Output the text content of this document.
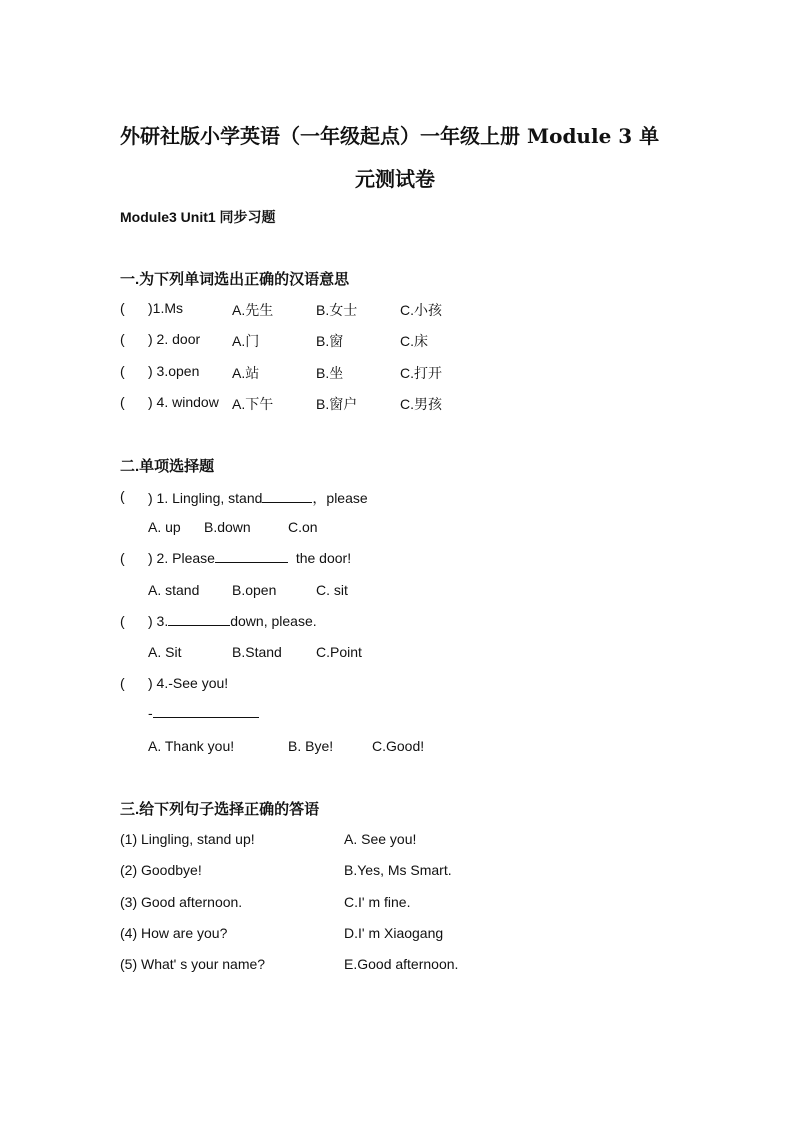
外研社版小学英语（一年级起点）一年级上册 Module 3 单
元测试卷
Module3 Unit1 同步习题
一.为下列单词选出正确的汉语意思
( )1.Ms	A.先生	B.女士	C.小孩
( ) 2. door A.门	B.窗	C.床
( ) 3.open A.站	B.坐	C.打开
( ) 4. window A.下午	B.窗户	C.男孩
二.单项选择题
( ) 1. Lingling, stand	，please
A. up B.down	C.on
( ) 2. Please	the door!
A. stand B.open	C. sit
( ) 3.	down, please.
A. Sit	B.Stand C.Point
( ) 4.-See you!
-
A. Thank you!	B. Bye!	C.Good!
三.给下列句子选择正确的答语
(1) Lingling, stand up!	A. See you!
(2) Goodbye!	B.Yes, Ms Smart.
(3) Good afternoon.	C.I' m fine.
(4) How are you?	D.I' m Xiaogang
(5) What' s your name?	E.Good afternoon.
